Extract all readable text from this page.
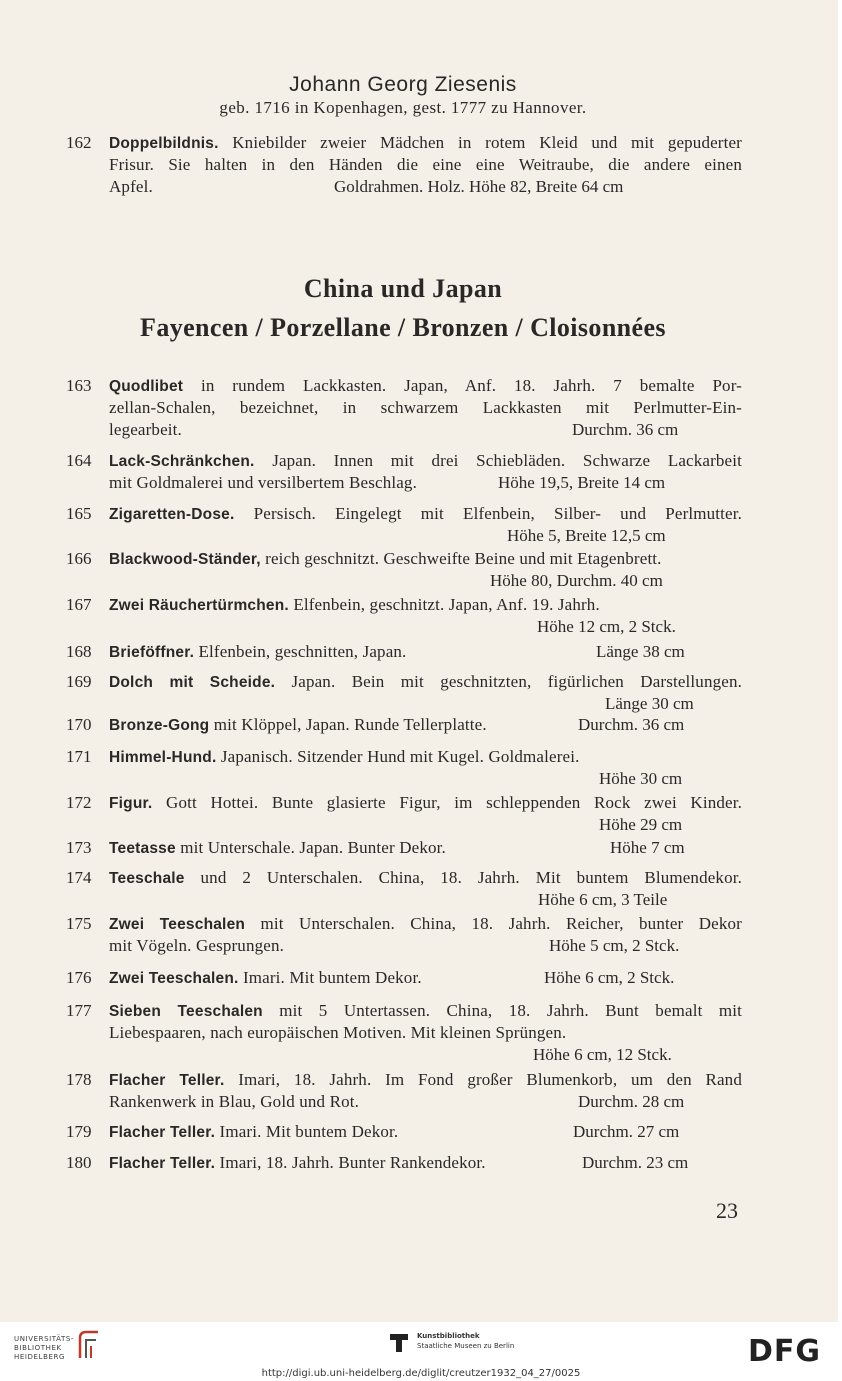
Johann Georg Ziesenis
geb. 1716 in Kopenhagen, gest. 1777 zu Hannover.
162 Doppelbildnis. Kniebilder zweier Mädchen in rotem Kleid und mit gepuderter
Frisur. Sie halten in den Händen die eine eine Weitraube, die andere einen
Apfel.	Goldrahmen. Holz. Höhe 82, Breite 64 cm
China und Japan
Fayencen / Porzellane / Bronzen / Cloisonnées
163 Quodlibet in rundem Lackkasten. Japan, Anf. 18. Jahrh. 7 bemalte Por-
zellan-Schalen, bezeichnet, in schwarzem Lackkasten mit Perlmutter-Ein-
legearbeit.	Durchm. 36 cm
164 Lack-Schränkchen. Japan. Innen mit drei Schiebläden. Schwarze Lackarbeit
mit Goldmalerei und versilbertem Beschlag.	Höhe 19,5, Breite 14 cm
165 Zigaretten-Dose. Persisch. Eingelegt mit Elfenbein, Silber- und Perlmutter.
Höhe 5, Breite 12,5 cm
166 Blackwood-Ständer, reich geschnitzt. Geschweifte Beine und mit Etagenbrett.
Höhe 80, Durchm. 40 cm
167 Zwei Räuchertürmchen. Elfenbein, geschnitzt. Japan, Anf. 19. Jahrh.
Höhe 12 cm, 2 Stck.
168 Brieföffner. Elfenbein, geschnitten, Japan.	Länge 38 cm
169 Dolch mit Scheide. Japan. Bein mit geschnitzten, figürlichen Darstellungen.
Länge 30 cm
170 Bronze-Gong mit Klöppel, Japan. Runde Tellerplatte.	Durchm. 36 cm
171 Himmel-Hund. Japanisch. Sitzender Hund mit Kugel. Goldmalerei.
Höhe 30 cm
172 Figur. Gott Hottei. Bunte glasierte Figur, im schleppenden Rock zwei Kinder.
Höhe 29 cm
173 Teetasse mit Unterschale. Japan. Bunter Dekor.	Höhe 7 cm
174 Teeschale und 2 Unterschalen. China, 18. Jahrh. Mit buntem Blumendekor.
Höhe 6 cm, 3 Teile
175 Zwei Teeschalen mit Unterschalen. China, 18. Jahrh. Reicher, bunter Dekor
mit Vögeln. Gesprungen.	Höhe 5 cm, 2 Stck.
176 Zwei Teeschalen. Imari. Mit buntem Dekor.	Höhe 6 cm, 2 Stck.
177 Sieben Teeschalen mit 5 Untertassen. China, 18. Jahrh. Bunt bemalt mit
Liebespaaren, nach europäischen Motiven. Mit kleinen Sprüngen.
Höhe 6 cm, 12 Stck.
178 Flacher Teller. Imari, 18. Jahrh. Im Fond großer Blumenkorb, um den Rand
Rankenwerk in Blau, Gold und Rot.	Durchm. 28 cm
179 Flacher Teller. Imari. Mit buntem Dekor.	Durchm. 27 cm
180 Flacher Teller. Imari, 18. Jahrh. Bunter Rankendekor.	Durchm. 23 cm
23
UNIVERSITÄTS-
BIBLIOTHEK
HEIDELBERG
Kunstbibliothek
Staatliche Museen zu Berlin	DFG
http://digi.ub.uni-heidelberg.de/diglit/creutzer1932_04_27/0025
